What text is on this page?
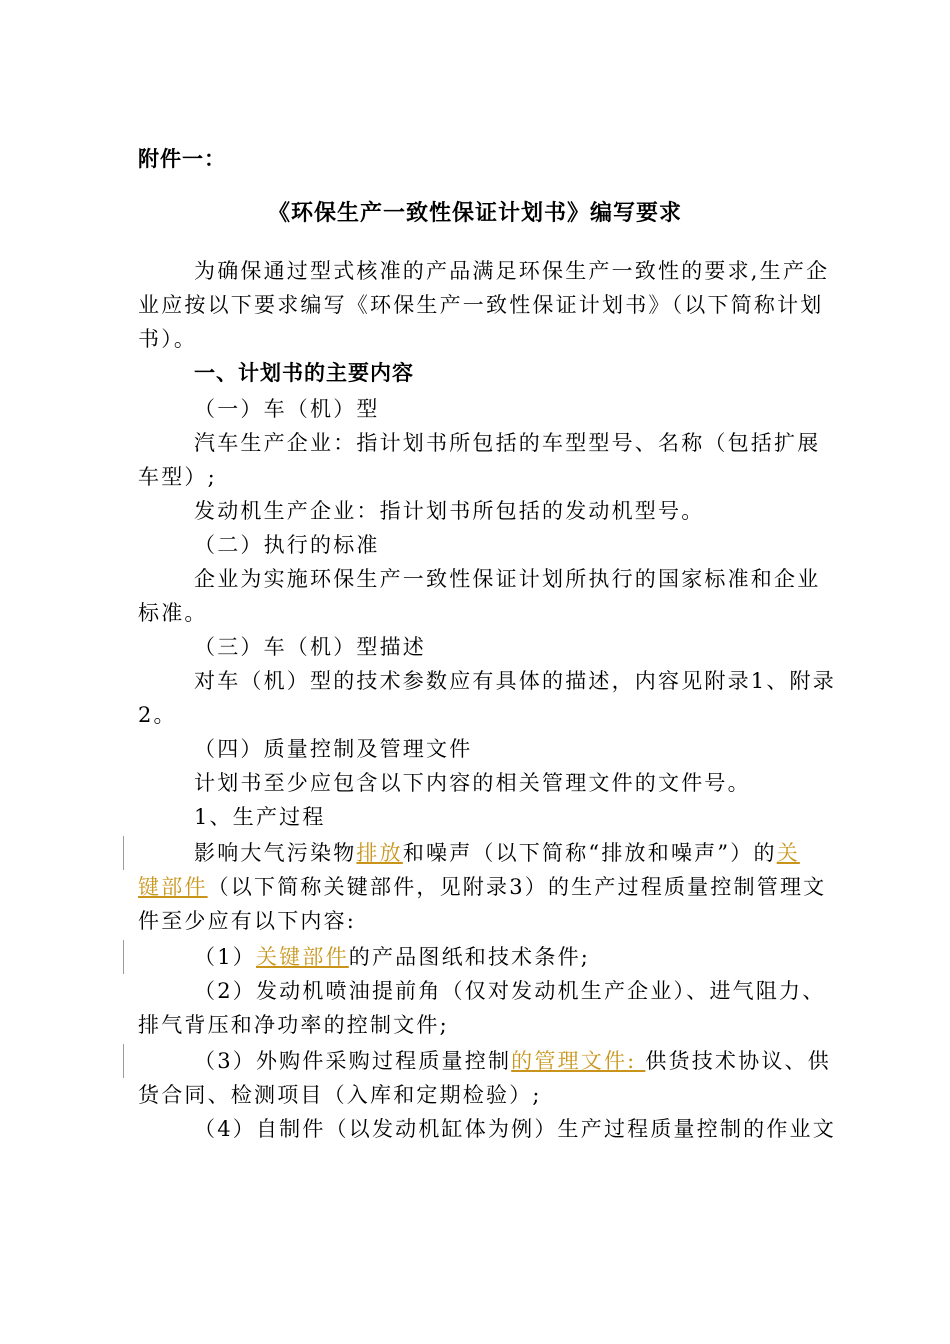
附件一：
《环保生产一致性保证计划书》编写要求
为确保通过型式核准的产品满足环保生产一致性的要求,生产企
业应按以下要求编写《环保生产一致性保证计划书》（以下简称计划
书）。
一、计划书的主要内容
（一）车（机）型
汽车生产企业：指计划书所包括的车型型号、名称（包括扩展
车型）;
发动机生产企业：指计划书所包括的发动机型号。
（二）执行的标准
企业为实施环保生产一致性保证计划所执行的国家标准和企业
标准。
（三）车（机）型描述
对车（机）型的技术参数应有具体的描述，内容见附录1、附录
2。
（四）质量控制及管理文件
计划书至少应包含以下内容的相关管理文件的文件号。
1、生产过程
影响大气污染物排放和噪声（以下简称“排放和噪声”）的关
键部件（以下简称关键部件，见附录3）的生产过程质量控制管理文
件至少应有以下内容:
（1）关键部件的产品图纸和技术条件;
（2）发动机喷油提前角（仅对发动机生产企业）、进气阻力、
排气背压和净功率的控制文件;
（3）外购件采购过程质量控制的管理文件: 供货技术协议、供
货合同、检测项目（入库和定期检验）;
（4）自制件（以发动机缸体为例）生产过程质量控制的作业文
